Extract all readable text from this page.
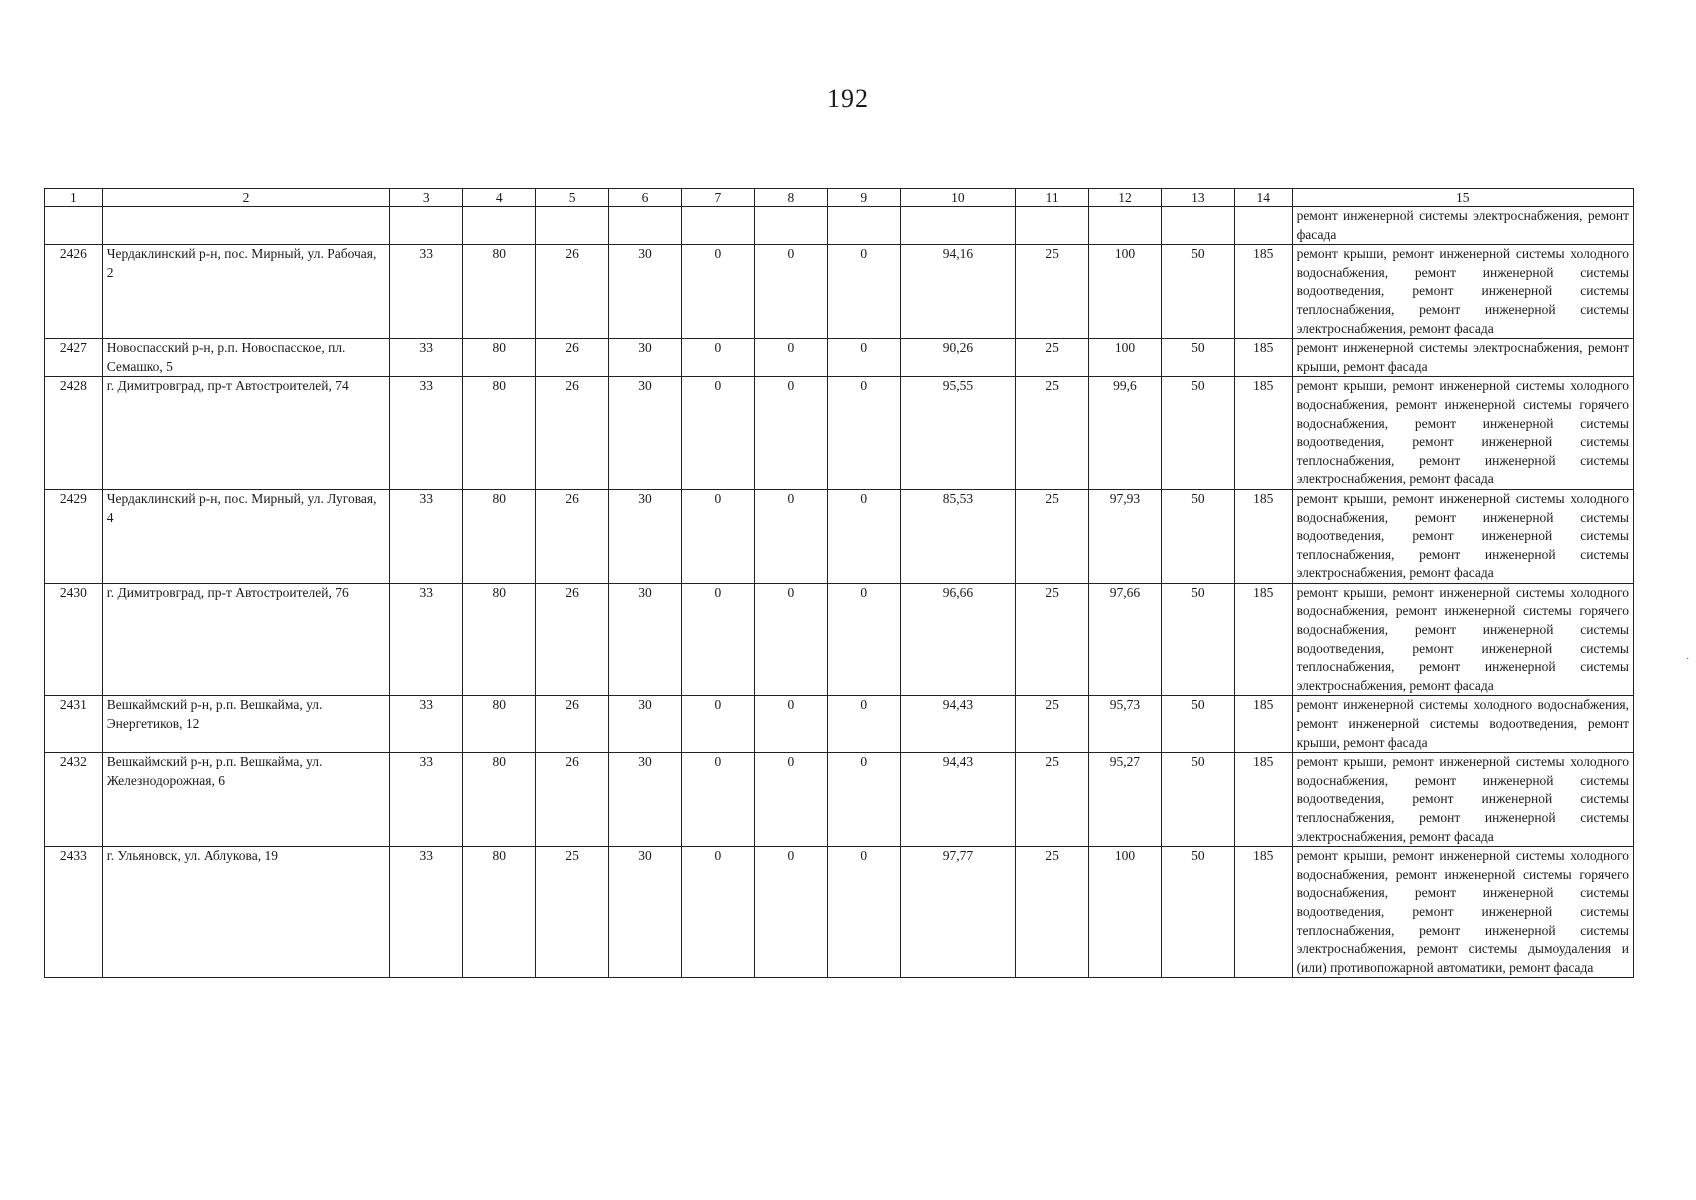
192
1	2	3	4	5	6	7	8	9	10	11	12	13	14	15
														ремонт инженерной системы электроснабжения, ремонт фасада
2426	Чердаклинский р-н, пос. Мирный, ул. Рабочая, 2	33	80	26	30	0	0	0	94,16	25	100	50	185	ремонт крыши, ремонт инженерной системы холодного водоснабжения, ремонт инженерной системы водоотведения, ремонт инженерной системы теплоснабжения, ремонт инженерной системы электроснабжения, ремонт фасада
2427	Новоспасский р-н, р.п. Новоспасское, пл. Семашко, 5	33	80	26	30	0	0	0	90,26	25	100	50	185	ремонт инженерной системы электроснабжения, ремонт крыши, ремонт фасада
2428	г. Димитровград, пр-т Автостроителей, 74	33	80	26	30	0	0	0	95,55	25	99,6	50	185	ремонт крыши, ремонт инженерной системы холодного водоснабжения, ремонт инженерной системы горячего водоснабжения, ремонт инженерной системы водоотведения, ремонт инженерной системы теплоснабжения, ремонт инженерной системы электроснабжения, ремонт фасада
2429	Чердаклинский р-н, пос. Мирный, ул. Луговая, 4	33	80	26	30	0	0	0	85,53	25	97,93	50	185	ремонт крыши, ремонт инженерной системы холодного водоснабжения, ремонт инженерной системы водоотведения, ремонт инженерной системы теплоснабжения, ремонт инженерной системы электроснабжения, ремонт фасада
2430	г. Димитровград, пр-т Автостроителей, 76	33	80	26	30	0	0	0	96,66	25	97,66	50	185	ремонт крыши, ремонт инженерной системы холодного водоснабжения, ремонт инженерной системы горячего водоснабжения, ремонт инженерной системы водоотведения, ремонт инженерной системы теплоснабжения, ремонт инженерной системы электроснабжения, ремонт фасада
2431	Вешкаймский р-н, р.п. Вешкайма, ул. Энергетиков, 12	33	80	26	30	0	0	0	94,43	25	95,73	50	185	ремонт инженерной системы холодного водоснабжения, ремонт инженерной системы водоотведения, ремонт крыши, ремонт фасада
2432	Вешкаймский р-н, р.п. Вешкайма, ул. Железнодорожная, 6	33	80	26	30	0	0	0	94,43	25	95,27	50	185	ремонт крыши, ремонт инженерной системы холодного водоснабжения, ремонт инженерной системы водоотведения, ремонт инженерной системы теплоснабжения, ремонт инженерной системы электроснабжения, ремонт фасада
2433	г. Ульяновск, ул. Аблукова, 19	33	80	25	30	0	0	0	97,77	25	100	50	185	ремонт крыши, ремонт инженерной системы холодного водоснабжения, ремонт инженерной системы горячего водоснабжения, ремонт инженерной системы водоотведения, ремонт инженерной системы теплоснабжения, ремонт инженерной системы электроснабжения, ремонт системы дымоудаления и (или) противопожарной автоматики, ремонт фасада
·
